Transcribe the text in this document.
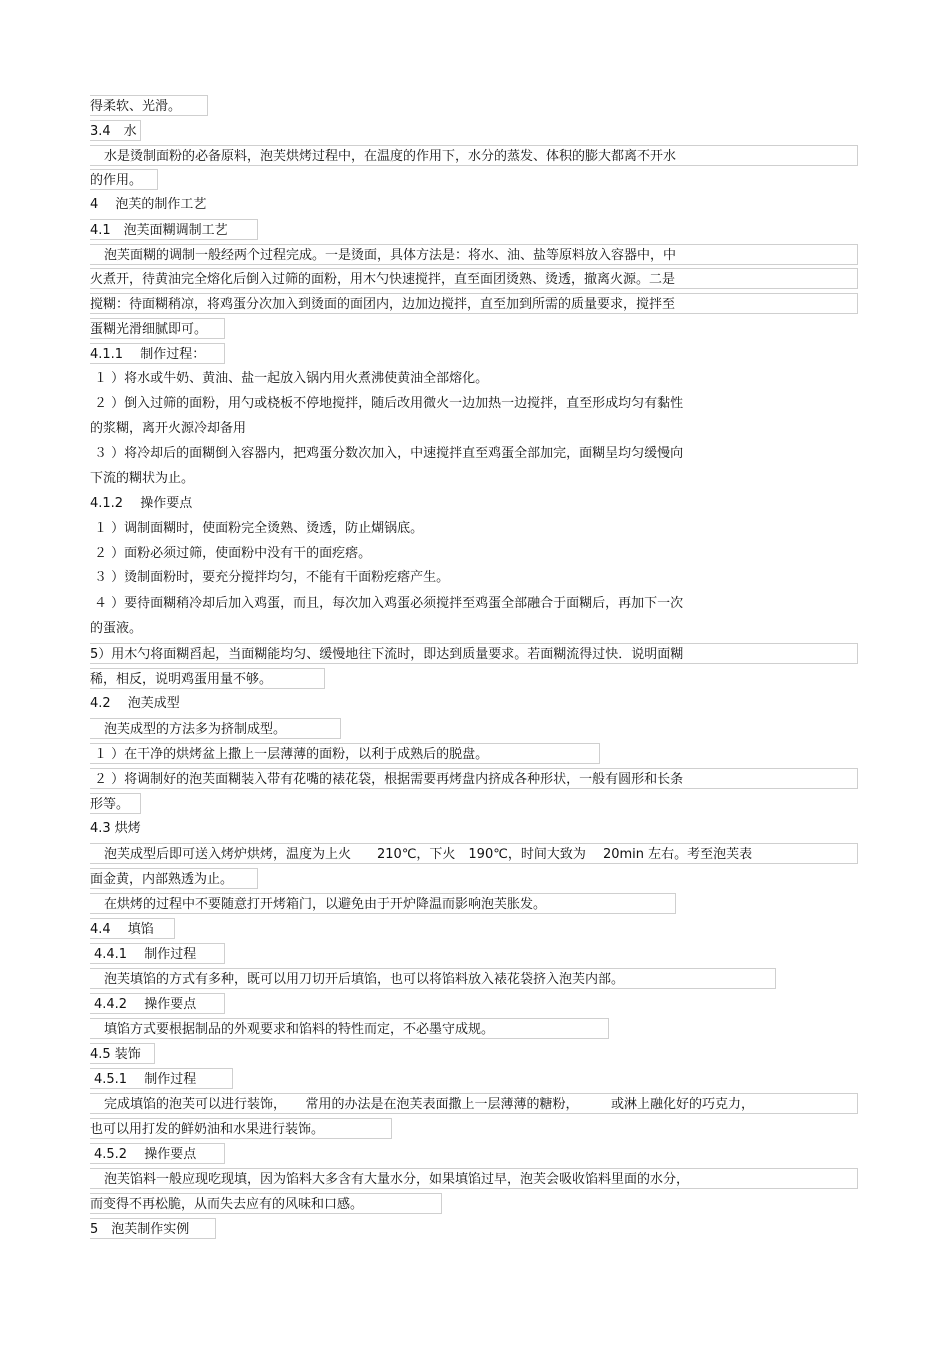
得柔软、光滑。
3.4　水
水是烫制面粉的必备原料，泡芙烘烤过程中，在温度的作用下，水分的蒸发、体积的膨大都离不开水
的作用。
4　 泡芙的制作工艺
4.1　泡芙面糊调制工艺
泡芙面糊的调制一般经两个过程完成。一是烫面，具体方法是：将水、油、盐等原料放入容器中，中
火煮开，待黄油完全熔化后倒入过筛的面粉，用木勺快速搅拌，直至面团烫熟、烫透，撤离火源。二是
搅糊：待面糊稍凉，将鸡蛋分次加入到烫面的面团内，边加边搅拌，直至加到所需的质量要求，搅拌至
蛋糊光滑细腻即可。
4.1.1　 制作过程：
１ ）将水或牛奶、黄油、盐一起放入锅内用火煮沸使黄油全部熔化。
２ ）倒入过筛的面粉，用勺或桡板不停地搅拌，随后改用微火一边加热一边搅拌，直至形成均匀有黏性
的浆糊，离开火源冷却备用
３ ）将冷却后的面糊倒入容器内，把鸡蛋分数次加入，中速搅拌直至鸡蛋全部加完，面糊呈均匀缓慢向
下流的糊状为止。
4.1.2　 操作要点
１ ）调制面糊时，使面粉完全烫熟、烫透，防止煳锅底。
２ ）面粉必须过筛，使面粉中没有干的面疙瘩。
３ ）烫制面粉时，要充分搅拌均匀，不能有干面粉疙瘩产生。
４ ）要待面糊稍冷却后加入鸡蛋，而且，每次加入鸡蛋必须搅拌至鸡蛋全部融合于面糊后，再加下一次
的蛋液。
5）用木勺将面糊舀起，当面糊能均匀、缓慢地往下流时，即达到质量要求。若面糊流得过快．说明面糊
稀，相反，说明鸡蛋用量不够。
4.2　 泡芙成型
泡芙成型的方法多为挤制成型。
１ ）在干净的烘烤盆上撒上一层薄薄的面粉，以利于成熟后的脱盘。
２ ）将调制好的泡芙面糊装入带有花嘴的裱花袋，根据需要再烤盘内挤成各种形状，一般有圆形和长条
形等。
4.3 烘烤
泡芙成型后即可送入烤炉烘烤，温度为上火　　210℃，下火　190℃，时间大致为　 20min 左右。考至泡芙表
面金黄，内部熟透为止。
在烘烤的过程中不要随意打开烤箱门，以避免由于开炉降温而影响泡芙胀发。
4.4　 填馅
4.4.1　 制作过程
泡芙填馅的方式有多种，既可以用刀切开后填馅，也可以将馅料放入裱花袋挤入泡芙内部。
4.4.2　 操作要点
填馅方式要根据制品的外观要求和馅料的特性而定，不必墨守成规。
4.5 装饰
4.5.1　 制作过程
完成填馅的泡芙可以进行装饰，　　常用的办法是在泡芙表面撒上一层薄薄的糖粉，　　　或淋上融化好的巧克力，
也可以用打发的鲜奶油和水果进行装饰。
4.5.2　 操作要点
泡芙馅料一般应现吃现填，因为馅料大多含有大量水分，如果填馅过早，泡芙会吸收馅料里面的水分，
而变得不再松脆，从而失去应有的风味和口感。
5　泡芙制作实例
